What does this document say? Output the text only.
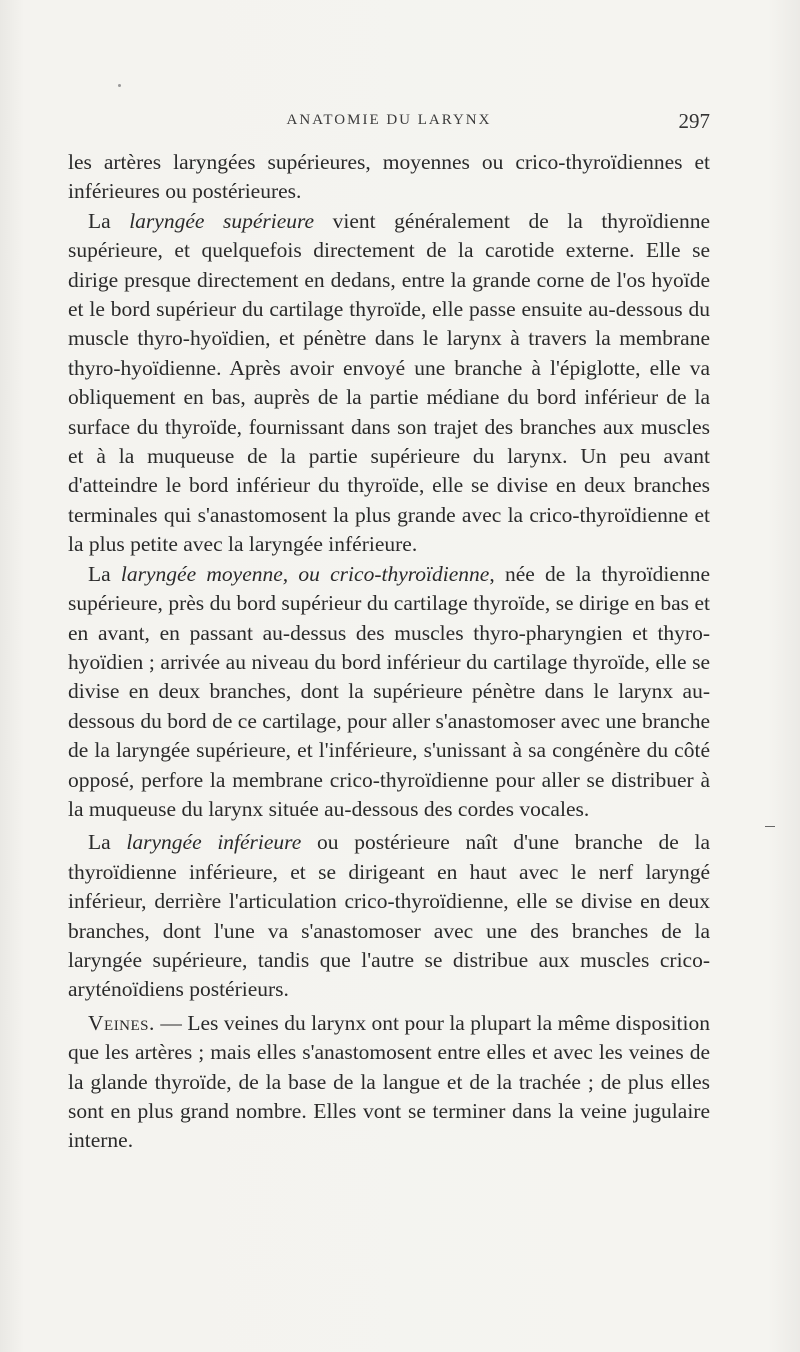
ANATOMIE DU LARYNX	297

les artères laryngées supérieures, moyennes ou crico-thyroïdiennes et inférieures ou postérieures.

La laryngée supérieure vient généralement de la thyroïdienne supérieure, et quelquefois directement de la carotide externe. Elle se dirige presque directement en dedans, entre la grande corne de l'os hyoïde et le bord supérieur du cartilage thyroïde, elle passe ensuite au-dessous du muscle thyro-hyoïdien, et pénètre dans le larynx à travers la membrane thyro-hyoïdienne. Après avoir envoyé une branche à l'épiglotte, elle va obliquement en bas, auprès de la partie médiane du bord inférieur de la surface du thyroïde, fournissant dans son trajet des branches aux muscles et à la muqueuse de la partie supérieure du larynx. Un peu avant d'atteindre le bord inférieur du thyroïde, elle se divise en deux branches terminales qui s'anastomosent la plus grande avec la crico-thyroïdienne et la plus petite avec la laryngée inférieure.

La laryngée moyenne, ou crico-thyroïdienne, née de la thyroïdienne supérieure, près du bord supérieur du cartilage thyroïde, se dirige en bas et en avant, en passant au-dessus des muscles thyro-pharyngien et thyro-hyoïdien ; arrivée au niveau du bord inférieur du cartilage thyroïde, elle se divise en deux branches, dont la supérieure pénètre dans le larynx au-dessous du bord de ce cartilage, pour aller s'anastomoser avec une branche de la laryngée supérieure, et l'inférieure, s'unissant à sa congénère du côté opposé, perfore la membrane crico-thyroïdienne pour aller se distribuer à la muqueuse du larynx située au-dessous des cordes vocales.

La laryngée inférieure ou postérieure naît d'une branche de la thyroïdienne inférieure, et se dirigeant en haut avec le nerf laryngé inférieur, derrière l'articulation crico-thyroïdienne, elle se divise en deux branches, dont l'une va s'anastomoser avec une des branches de la laryngée supérieure, tandis que l'autre se distribue aux muscles crico-aryténoïdiens postérieurs.

Veines. — Les veines du larynx ont pour la plupart la même disposition que les artères ; mais elles s'anastomosent entre elles et avec les veines de la glande thyroïde, de la base de la langue et de la trachée ; de plus elles sont en plus grand nombre. Elles vont se terminer dans la veine jugulaire interne.
